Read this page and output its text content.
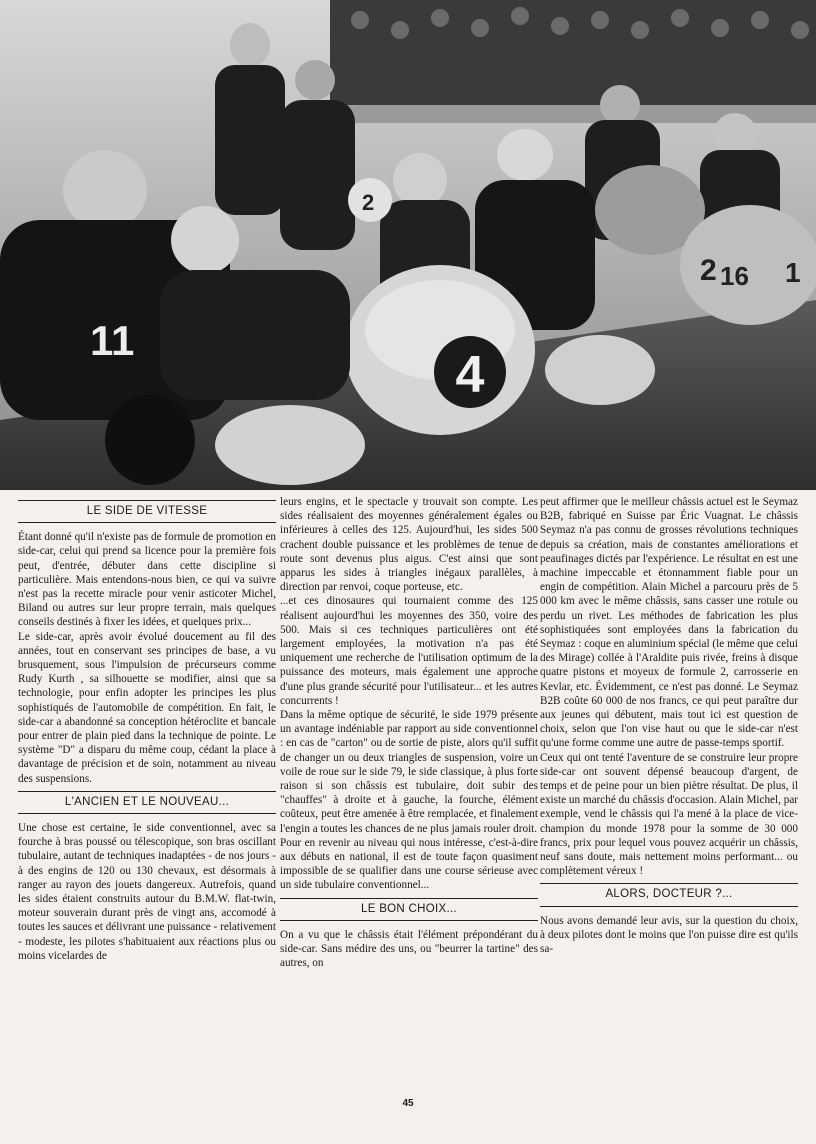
2 16 1
2
4
11
LE SIDE DE VITESSE

Étant donné qu'il n'existe pas de formule de promotion en side-car, celui qui prend sa licence pour la première fois peut, d'entrée, débuter dans cette discipline si particulière. Mais entendons-nous bien, ce qui va suivre n'est pas la recette miracle pour venir asticoter Michel, Biland ou autres sur leur propre terrain, mais quelques conseils destinés à fixer les idées, et quelques prix...

Le side-car, après avoir évolué doucement au fil des années, tout en conservant ses principes de base, a vu brusquement, sous l'impulsion de précurseurs comme Rudy Kurth , sa silhouette se modifier, ainsi que sa technologie, pour enfin adopter les principes les plus sophistiqués de l'automobile de compétition. En fait, le side-car a abandonné sa conception hétéroclite et bancale pour entrer de plain pied dans la technique de pointe. Le système "D" a disparu du même coup, cédant la place à davantage de précision et de soin, notamment au niveau des suspensions.

L'ANCIEN ET LE NOUVEAU...

Une chose est certaine, le side conventionnel, avec sa fourche à bras poussé ou télescopique, son bras oscillant tubulaire, autant de techniques inadaptées - de nos jours - à des engins de 120 ou 130 chevaux, est désormais à ranger au rayon des jouets dangereux. Autrefois, quand les sides étaient construits autour du B.M.W. flat-twin, moteur souverain durant près de vingt ans, accomodé à toutes les sauces et délivrant une puissance - relativement - modeste, les pilotes s'habituaient aux réactions plus ou moins vicelardes de

leurs engins, et le spectacle y trouvait son compte. Les sides réalisaient des moyennes généralement égales ou inférieures à celles des 125. Aujourd'hui, les sides 500 crachent double puissance et les problèmes de tenue de route sont devenus plus aigus. C'est ainsi que sont apparus les sides à triangles inégaux parallèles, à direction par renvoi, coque porteuse, etc.

...et ces dinosaures qui tournaient comme des 125 réalisent aujourd'hui les moyennes des 350, voire des 500. Mais si ces techniques particulières ont été largement employées, la motivation n'a pas été uniquement une recherche de l'utilisation optimum de la puissance des moteurs, mais également une approche d'une plus grande sécurité pour l'utilisateur... et les autres concurrents !

Dans la même optique de sécurité, le side 1979 présente un avantage indéniable par rapport au side conventionnel : en cas de "carton" ou de sortie de piste, alors qu'il suffit de changer un ou deux triangles de suspension, voire un voile de roue sur le side 79, le side classique, à plus forte raison si son châssis est tubulaire, doit subir des "chauffes" à droite et à gauche, la fourche, élément coûteux, peut être amenée à être remplacée, et finalement l'engin a toutes les chances de ne plus jamais rouler droit.

Pour en revenir au niveau qui nous intéresse, c'est-à-dire aux débuts en national, il est de toute façon quasiment impossible de se qualifier dans une course sérieuse avec un side tubulaire conventionnel...

LE BON CHOIX...

On a vu que le châssis était l'élément prépondérant du side-car. Sans médire des uns, ou "beurrer la tartine" des autres, on

peut affirmer que le meilleur châssis actuel est le Seymaz B2B, fabriqué en Suisse par Éric Vuagnat. Le châssis Seymaz n'a pas connu de grosses révolutions techniques depuis sa création, mais de constantes améliorations et peaufinages dictés par l'expérience. Le résultat en est une machine impeccable et étonnamment fiable pour un engin de compétition. Alain Michel a parcouru près de 5 000 km avec le même châssis, sans casser une rotule ou perdu un rivet. Les méthodes de fabrication les plus sophistiquées sont employées dans la fabrication du Seymaz : coque en aluminium spécial (le même que celui des Mirage) collée à l'Araldite puis rivée, freins à disque quatre pistons et moyeux de formule 2, carrosserie en Kevlar, etc. Évidemment, ce n'est pas donné. Le Seymaz B2B coûte 60 000 de nos francs, ce qui peut paraître dur aux jeunes qui débutent, mais tout ici est question de choix, selon que l'on vise haut ou que le side-car n'est qu'une forme comme une autre de passe-temps sportif.

Ceux qui ont tenté l'aventure de se construire leur propre side-car ont souvent dépensé beaucoup d'argent, de temps et de peine pour un bien piètre résultat. De plus, il existe un marché du châssis d'occasion. Alain Michel, par exemple, vend le châssis qui l'a mené à la place de vice-champion du monde 1978 pour la somme de 30 000 francs, prix pour lequel vous pouvez acquérir un châssis, neuf sans doute, mais nettement moins performant... ou complètement véreux !

ALORS, DOCTEUR ?...

Nous avons demandé leur avis, sur la question du choix, à deux pilotes dont le moins que l'on puisse dire est qu'ils sa-

45
